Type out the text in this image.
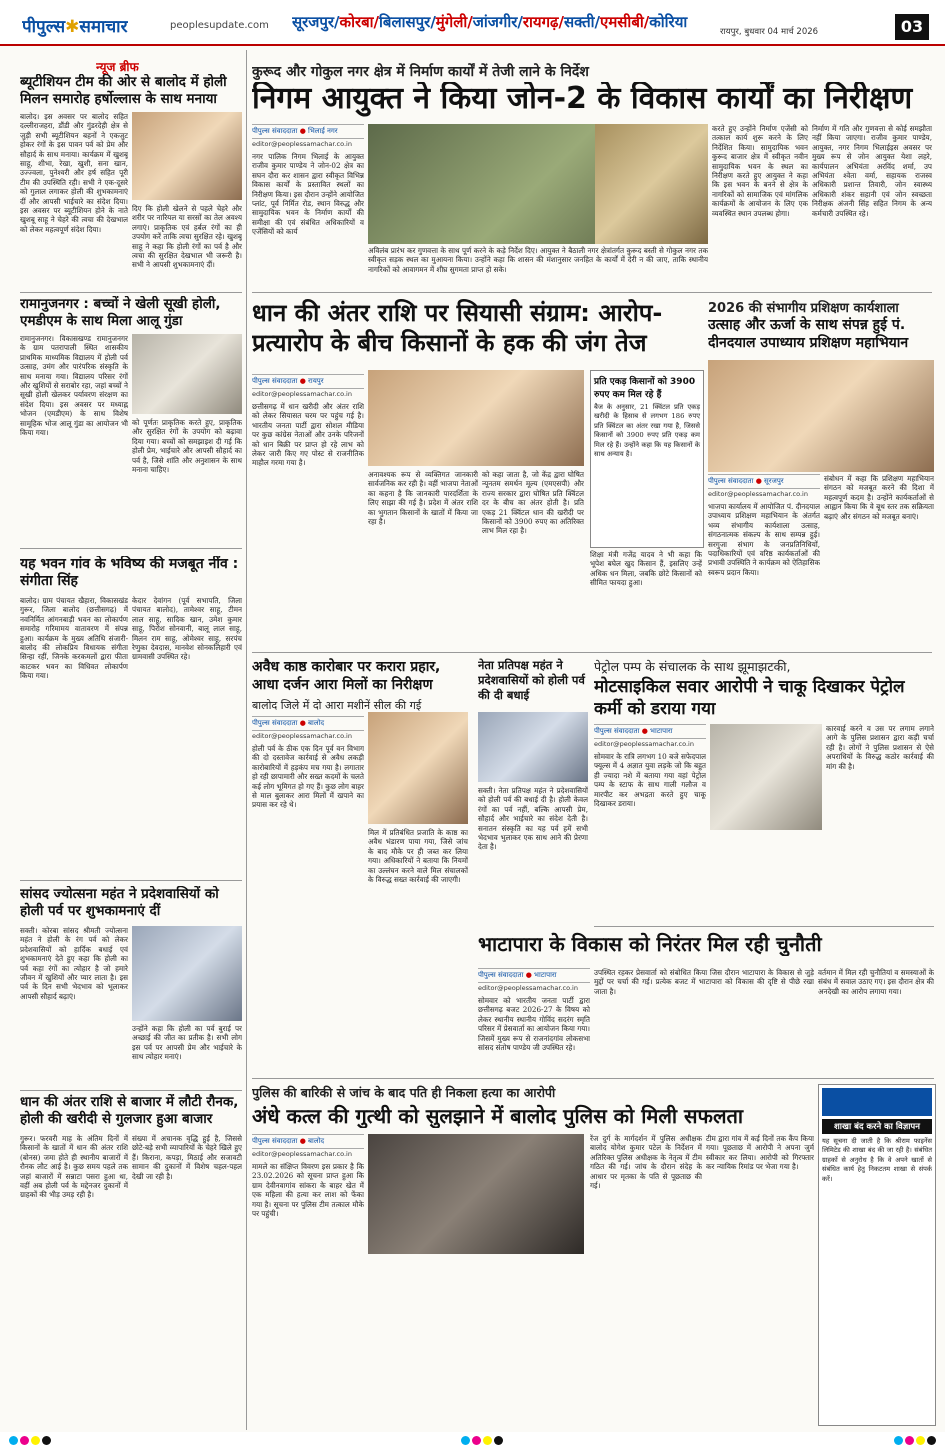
पीपुल्स✱समाचार	peoplesupdate.com सूरजपुर/कोरबा/बिलासपुर/मुंगेली/जांजगीर/रायगढ़/सक्ती/एमसीबी/कोरिया
रायपुर, बुधवार 04 मार्च 2026	03
न्यूज ब्रीफ
ब्यूटीशियन टीम की ओर से बालोद में होली मिलन समारोह हर्षोल्लास के साथ मनाया
बालोद। इस अवसर पर बालोद सहित दल्लीराजहरा, डौंडी और गुंडरदेही क्षेत्र से जुड़ी सभी ब्यूटीशियन बहनों ने एकजुट होकर रंगों के इस पावन पर्व को प्रेम और सौहार्द के साथ मनाया। कार्यक्रम में खुशबू साहू, शीभा, रेखा, खुशी, सना खान, उज्ज्वला, पुनेश्वरी और हर्ष सहित पूरी टीम की उपस्थिति रही। सभी ने एक-दूसरे को गुलाल लगाकर होली की शुभकामनाएं दीं और आपसी भाईचारे का संदेश दिया। इस अवसर पर ब्यूटीशियन होने के नाते खुशबू साहू ने चेहरे की त्वचा की देखभाल को लेकर महत्वपूर्ण संदेश दिया।
दिए कि होली खेलने से पहले चेहरे और शरीर पर नारियल या सरसों का तेल अवश्य लगाएं। प्राकृतिक एवं हर्बल रंगों का ही उपयोग करें ताकि त्वचा सुरक्षित रहे। खुशबू साहू ने कहा कि होली रंगों का पर्व है और त्वचा की सुरक्षित देखभाल भी जरूरी है। सभी ने आपसी शुभकामनाएं दीं।
रामानुजनगर : बच्चों ने खेली सूखी होली, एमडीएम के साथ मिला आलू गुंडा
रामानुजनगर। विकासखण्ड रामानुजनगर के ग्राम पतरापाली स्थित शासकीय प्राथमिक माध्यमिक विद्यालय में होली पर्व उत्साह, उमंग और पारंपरिक संस्कृति के साथ मनाया गया। विद्यालय परिसर रंगों और खुशियों से सराबोर रहा, जहां बच्चों ने सूखी होली खेलकर पर्यावरण संरक्षण का संदेश दिया। इस अवसर पर मध्याह्न भोजन (एमडीएम) के साथ विशेष सामूहिक भोज आलू गुंडा का आयोजन भी किया गया।
को पूर्णतः प्राकृतिक करते हुए, प्राकृतिक और सुरक्षित रंगों के उपयोग को बढ़ावा दिया गया। बच्चों को समझाइश दी गई कि होली प्रेम, भाईचारे और आपसी सौहार्द का पर्व है, जिसे शांति और अनुशासन के साथ मनाना चाहिए।
यह भवन गांव के भविष्य की मजबूत नींव : संगीता सिंह
बालोद। ग्राम पंचायत खैहारा, विकासखंड गुरूर, जिला बालोद (छत्तीसगढ़) में नवनिर्मित आंगनबाड़ी भवन का लोकार्पण समारोह गरिमामय वातावरण में संपन्न हुआ। कार्यक्रम के मुख्य अतिथि संजारी-बालोद की लोकप्रिय विधायक संगीता सिन्हा रहीं, जिनके करकमलों द्वारा फीता काटकर भवन का विधिवत लोकार्पण किया गया।
केदार देवांगन (पूर्व सभापति, जिला पंचायत बालोद), तामेश्वर साहू, टीमन लाल साहू, सादिक खान, उमेश कुमार साहू, पिरोश सोनवानी, बालू लाल साहू, मिलन राम साहू, ओमेश्वर साहू, सरपंच रेणुका देवदास, मानवेश सोनकलिहारी एवं ग्रामवासी उपस्थित रहे।
सांसद ज्योत्सना महंत ने प्रदेशवासियों को होली पर्व पर शुभकामनाएं दीं
सक्ती। कोरबा सांसद श्रीमती ज्योत्सना महंत ने होली के रंग पर्व को लेकर प्रदेशवासियों को हार्दिक बधाई एवं शुभकामनाएं देते हुए कहा कि होली का पर्व कहा रंगों का त्योहार है जो हमारे जीवन में खुशियों और प्यार लाता है। इस पर्व के दिन सभी भेदभाव को भूलाकर आपसी सौहार्द बढ़ाएं।
उन्होंने कहा कि होली का पर्व बुराई पर अच्छाई की जीत का प्रतीक है। सभी लोग इस पर्व पर आपसी प्रेम और भाईचारे के साथ त्योहार मनाएं।
धान की अंतर राशि से बाजार में लौटी रौनक, होली की खरीदी से गुलजार हुआ बाजार
गुरूर। फरवरी माह के अंतिम दिनों में किसानों के खातों में धान की अंतर राशि (बोनस) जमा होते ही स्थानीय बाजारों में रौनक लौट आई है। कुछ समय पहले तक जहां बाजारों में सन्नाटा पसरा हुआ था, वहीं अब होली पर्व के मद्देनजर दुकानों में ग्राहकों की भीड़ उमड़ रही है।
संख्या में अचानक वृद्धि हुई है, जिससे छोटे-बड़े सभी व्यापारियों के चेहरे खिले हुए हैं। किराना, कपड़ा, मिठाई और सजावटी सामान की दुकानों में विशेष चहल-पहल देखी जा रही है।
कुरूद और गोकुल नगर क्षेत्र में निर्माण कार्यों में तेजी लाने के निर्देश
निगम आयुक्त ने किया जोन-2 के विकास कार्यों का निरीक्षण
पीपुल्स संवाददाता ● भिलाई नगर
editor@peoplessamachar.co.in
नगर पालिक निगम भिलाई के आयुक्त राजीव कुमार पाण्डेय ने जोन-02 क्षेत्र का सघन दौरा कर शासन द्वारा स्वीकृत विभिन्न विकास कार्यों के प्रस्तावित स्थलों का निरीक्षण किया। इस दौरान उन्होंने आयोजित प्लांट, पूर्व निर्मित रोड, स्थान विरुद्ध और सामुदायिक भवन के निर्माण कार्यों की समीक्षा की एवं संबंधित अधिकारियों व एजेंसियों को कार्य
अविलंब प्रारंभ कर गुणवत्ता के साथ पूर्ण करने के कड़े निर्देश दिए। आयुक्त ने बैठाली नगर क्षेत्रांतर्गत कुरूद बस्ती से गोकुल नगर तक स्वीकृत सड़क स्थल का मुआयना किया। उन्होंने कहा कि शासन की मंशानुसार जनहित के कार्यों में देरी न की जाए, ताकि स्थानीय नागरिकों को आवागमन में शीघ्र सुगमता प्राप्त हो सके।
करते हुए उन्होंने निर्माण एजेंसी को तत्काल कार्य शुरू करने के लिए निर्देशित किया। सामुदायिक भवन कुरूद बाजार क्षेत्र में स्वीकृत नवीन सामुदायिक भवन के स्थल का निरीक्षण करते हुए आयुक्त ने कहा कि इस भवन के बनने से क्षेत्र के नागरिकों को सामाजिक एवं मांगलिक कार्यक्रमों के आयोजन के लिए एक व्यवस्थित स्थान उपलब्ध होगा।
निर्माण में गति और गुणवत्ता से कोई समझौता नहीं किया जाएगा। राजीव कुमार पाण्डेय, आयुक्त, नगर निगम भिलाईइस अवसर पर मुख्य रूप से जोन आयुक्त येशा लहरे, कार्यपालन अभियंता अरविंद शर्मा, उप अभियंता श्वेता वर्मा, सहायक राजस्व अधिकारी प्रशान्त तिवारी, जोन स्वास्थ्य अधिकारी शंकर सहानी एवं जोन स्वच्छता निरीक्षक अंजनी सिंह सहित निगम के अन्य कर्मचारी उपस्थित रहे।
धान की अंतर राशि पर सियासी संग्राम: आरोप-प्रत्यारोप के बीच किसानों के हक की जंग तेज
पीपुल्स संवाददाता ● रायपुर
editor@peoplessamachar.co.in
छत्तीसगढ़ में धान खरीदी और अंतर राशि को लेकर सियासत चरम पर पहुंच गई है। भारतीय जनता पार्टी द्वारा सोशल मीडिया पर कुछ कांग्रेस नेताओं और उनके परिजनों को धान बिक्री पर प्राप्त हो रहे लाभ को लेकर जारी किए गए पोस्ट से राजनीतिक माहौल गरमा गया है।
अनावश्यक रूप से व्यक्तिगत जानकारी सार्वजनिक कर रही है। वहीं भाजपा नेताओं का कहना है कि जानकारी पारदर्शिता के लिए साझा की गई है। प्रदेश में अंतर राशि का भुगतान किसानों के खातों में किया जा रहा है।
को कहा जाता है, जो केंद्र द्वारा घोषित न्यूनतम समर्थन मूल्य (एमएसपी) और राज्य सरकार द्वारा घोषित प्रति क्विंटल दर के बीच का अंतर होती है। प्रति एकड़ 21 क्विंटल धान की खरीदी पर किसानों को 3900 रुपए का अतिरिक्त लाभ मिल रहा है।
प्रति एकड़ किसानों को 3900 रुपए कम मिल रहे हैं
बैज के अनुसार, 21 क्विंटल प्रति एकड़ खरीदी के हिसाब से लगभग 186 रुपए प्रति क्विंटल का अंतर रखा गया है, जिससे किसानों को 3900 रुपए प्रति एकड़ कम मिल रहे हैं। उन्होंने कहा कि यह किसानों के साथ अन्याय है।
शिक्षा मंत्री गजेंद्र यादव ने भी कहा कि भूपेश बघेल खुद किसान हैं, इसलिए उन्हें अधिक धन मिला, जबकि छोटे किसानों को सीमित फायदा हुआ।
2026 की संभागीय प्रशिक्षण कार्यशाला
उत्साह और ऊर्जा के साथ संपन्न हुई पं. दीनदयाल उपाध्याय प्रशिक्षण महाभियान
पीपुल्स संवाददाता ● सूरजपुर
editor@peoplessamachar.co.in
भाजपा कार्यालय में आयोजित पं. दीनदयाल उपाध्याय प्रशिक्षण महाभियान के अंतर्गत भव्य संभागीय कार्यशाला उत्साह, संगठनात्मक संकल्प के साथ सम्पन्न हुई। सरगुजा संभाग के जनप्रतिनिधियों, पदाधिकारियों एवं वरिष्ठ कार्यकर्ताओं की प्रभावी उपस्थिति ने कार्यक्रम को ऐतिहासिक स्वरूप प्रदान किया।
संबोधन में कहा कि प्रशिक्षण महाभियान संगठन को मजबूत करने की दिशा में महत्वपूर्ण कदम है। उन्होंने कार्यकर्ताओं से आह्वान किया कि वे बूथ स्तर तक सक्रियता बढ़ाएं और संगठन को मजबूत बनाएं।
अवैध काष्ठ कारोबार पर करारा प्रहार, आधा दर्जन आरा मिलों का निरीक्षण
बालोद जिले में दो आरा मशीनें सील की गई
पीपुल्स संवाददाता ● बालोद
editor@peoplessamachar.co.in
होली पर्व के ठीक एक दिन पूर्व वन विभाग की दो दस्तावेज कार्रवाई से अवैध लकड़ी कारोबारियों में हड़कंप मच गया है। लगातार हो रही छापामारी और सख्त कदमों के चलते कई लोग भूमिगत हो गए हैं। कुछ लोग बाहर से माल बुलाकर आरा मिलों में खपाने का प्रयास कर रहे थे।
मिल में प्रतिबंधित प्रजाति के काष्ठ का अवैध भंडारण पाया गया, जिसे जांच के बाद मौके पर ही जब्त कर लिया गया। अधिकारियों ने बताया कि नियमों का उल्लंघन करने वाले मिल संचालकों के विरुद्ध सख्त कार्रवाई की जाएगी।
नेता प्रतिपक्ष महंत ने प्रदेशवासियों को होली पर्व की दी बधाई
सक्ती। नेता प्रतिपक्ष महंत ने प्रदेशवासियों को होली पर्व की बधाई दी है। होली केवल रंगों का पर्व नहीं, बल्कि आपसी प्रेम, सौहार्द और भाईचारे का संदेश देती है। सनातन संस्कृति का यह पर्व हमें सभी भेदभाव भुलाकर एक साथ आने की प्रेरणा देता है।
पेट्रोल पम्प के संचालक के साथ झूमाझटकी,
मोटसाइकिल सवार आरोपी ने चाकू दिखाकर पेट्रोल कर्मी को डराया गया
पीपुल्स संवाददाता ● भाटापारा
editor@peoplessamachar.co.in
सोमवार के रात्रि लगभग 10 बजे सफेदपाल फ्यूल्स में 4 अज्ञात युवा लड़के जो कि बहुत ही ज्यादा नशे में बताया गया वहां पेट्रोल पम्प के स्टाफ के साथ गाली गलौज व मारपीट कर अभद्रता करते हुए चाकू दिखाकर डराया।
कारवाई करने व उस पर लगाम लगाने आगे के पुलिस प्रशासन द्वारा कड़ी चर्चा रही है। लोगों ने पुलिस प्रशासन से ऐसे अपराधियों के विरुद्ध कठोर कार्रवाई की मांग की है।
भाटापारा के विकास को निरंतर मिल रही चुनौती
पीपुल्स संवाददाता ● भाटापारा
editor@peoplessamachar.co.in
सोमवार को भारतीय जनता पार्टी द्वारा छत्तीसगढ़ बजट 2026-27 के विषय को लेकर स्थानीय स्थानीय गोविंद सदरंग स्मृति परिसर में प्रेसवार्ता का आयोजन किया गया। जिसमें मुख्य रूप से राजनांदगांव लोकसभा सांसद संतोष पाण्डेय जी उपस्थित रहे।
उपस्थित रहकर प्रेसवार्ता को संबोधित किया जिस दौरान भाटापारा के विकास से जुड़े मुद्दों पर चर्चा की गई। प्रत्येक बजट में भाटापारा को विकास की दृष्टि से पीछे रखा जाता है।
वर्तमान में मिल रही चुनौतियां व समस्याओं के संबंध में सवाल उठाए गए। इस दौरान क्षेत्र की अनदेखी का आरोप लगाया गया।
पुलिस की बारिकी से जांच के बाद पति ही निकला हत्या का आरोपी
अंधे कत्ल की गुत्थी को सुलझाने में बालोद पुलिस को मिली सफलता
पीपुल्स संवाददाता ● बालोद
editor@peoplessamachar.co.in
मामले का संक्षिप्त विवरण इस प्रकार है कि 23.02.2026 को सूचना प्राप्त हुआ कि ग्राम देवीनवागांव सांकरा के बाहर खेत में एक महिला की हत्या कर लाश को फेंका गया है। सूचना पर पुलिस टीम तत्काल मौके पर पहुंची।
रेंज दुर्ग के मार्गदर्शन में पुलिस अधीक्षक बालोद योगेश कुमार पटेल के निर्देशन में अतिरिक्त पुलिस अधीक्षक के नेतृत्व में टीम गठित की गई। जांच के दौरान संदेह के आधार पर मृतका के पति से पूछताछ की गई।
टीम द्वारा गांव में कई दिनों तक कैंप किया गया। पूछताछ में आरोपी ने अपना जुर्म स्वीकार कर लिया। आरोपी को गिरफ्तार कर न्यायिक रिमांड पर भेजा गया है।
शाखा बंद करने का विज्ञापन
यह सूचना दी जाती है कि श्रीराम फाइनेंस लिमिटेड की शाखा बंद की जा रही है। संबंधित ग्राहकों से अनुरोध है कि वे अपने खातों से संबंधित कार्य हेतु निकटतम शाखा से संपर्क करें।
